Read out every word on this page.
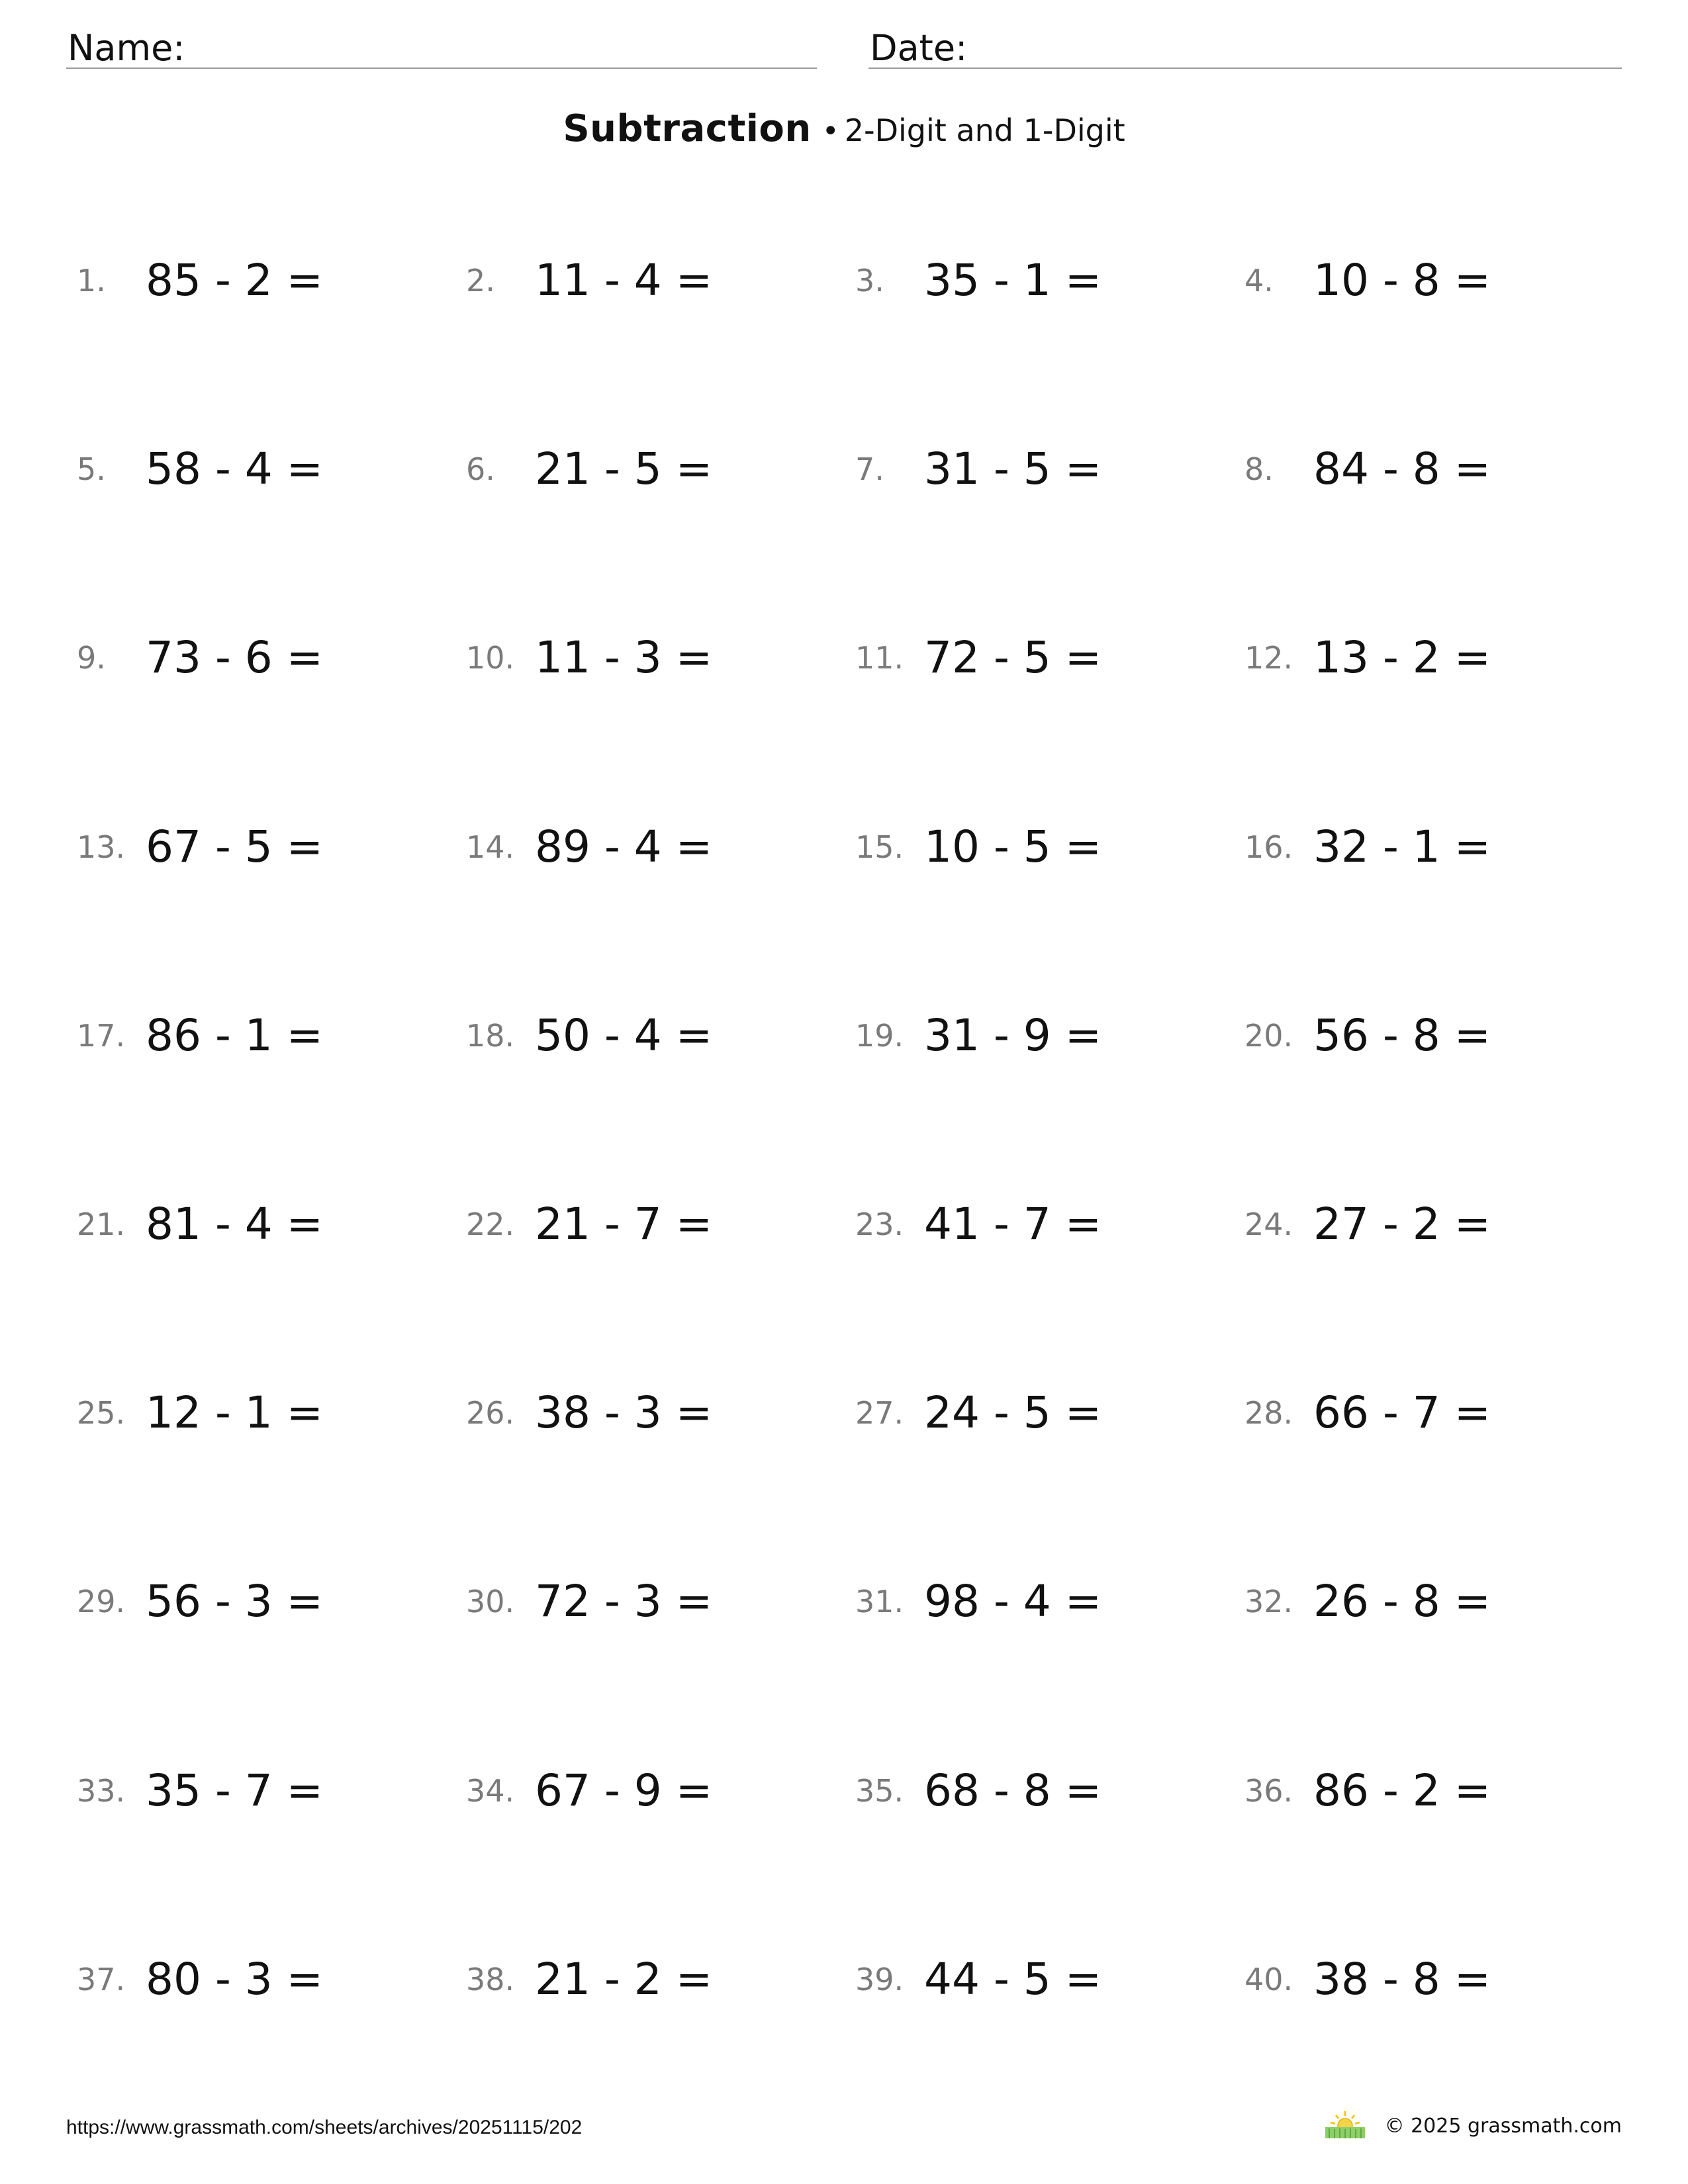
Name:	Date:
Subtraction • 2-Digit and 1-Digit
1. 85 - 2 =	2. 11 - 4 =	3. 35 - 1 =	4. 10 - 8 =
5. 58 - 4 =	6. 21 - 5 =	7. 31 - 5 =	8. 84 - 8 =
9. 73 - 6 =	10. 11 - 3 =	11. 72 - 5 =	12. 13 - 2 =
13. 67 - 5 =	14. 89 - 4 =	15. 10 - 5 =	16. 32 - 1 =
17. 86 - 1 =	18. 50 - 4 =	19. 31 - 9 =	20. 56 - 8 =
21. 81 - 4 =	22. 21 - 7 =	23. 41 - 7 =	24. 27 - 2 =
25. 12 - 1 =	26. 38 - 3 =	27. 24 - 5 =	28. 66 - 7 =
29. 56 - 3 =	30. 72 - 3 =	31. 98 - 4 =	32. 26 - 8 =
33. 35 - 7 =	34. 67 - 9 =	35. 68 - 8 =	36. 86 - 2 =
37. 80 - 3 =	38. 21 - 2 =	39. 44 - 5 =	40. 38 - 8 =
https://www.grassmath.com/sheets/archives/20251115/202	© 2025 grassmath.com
